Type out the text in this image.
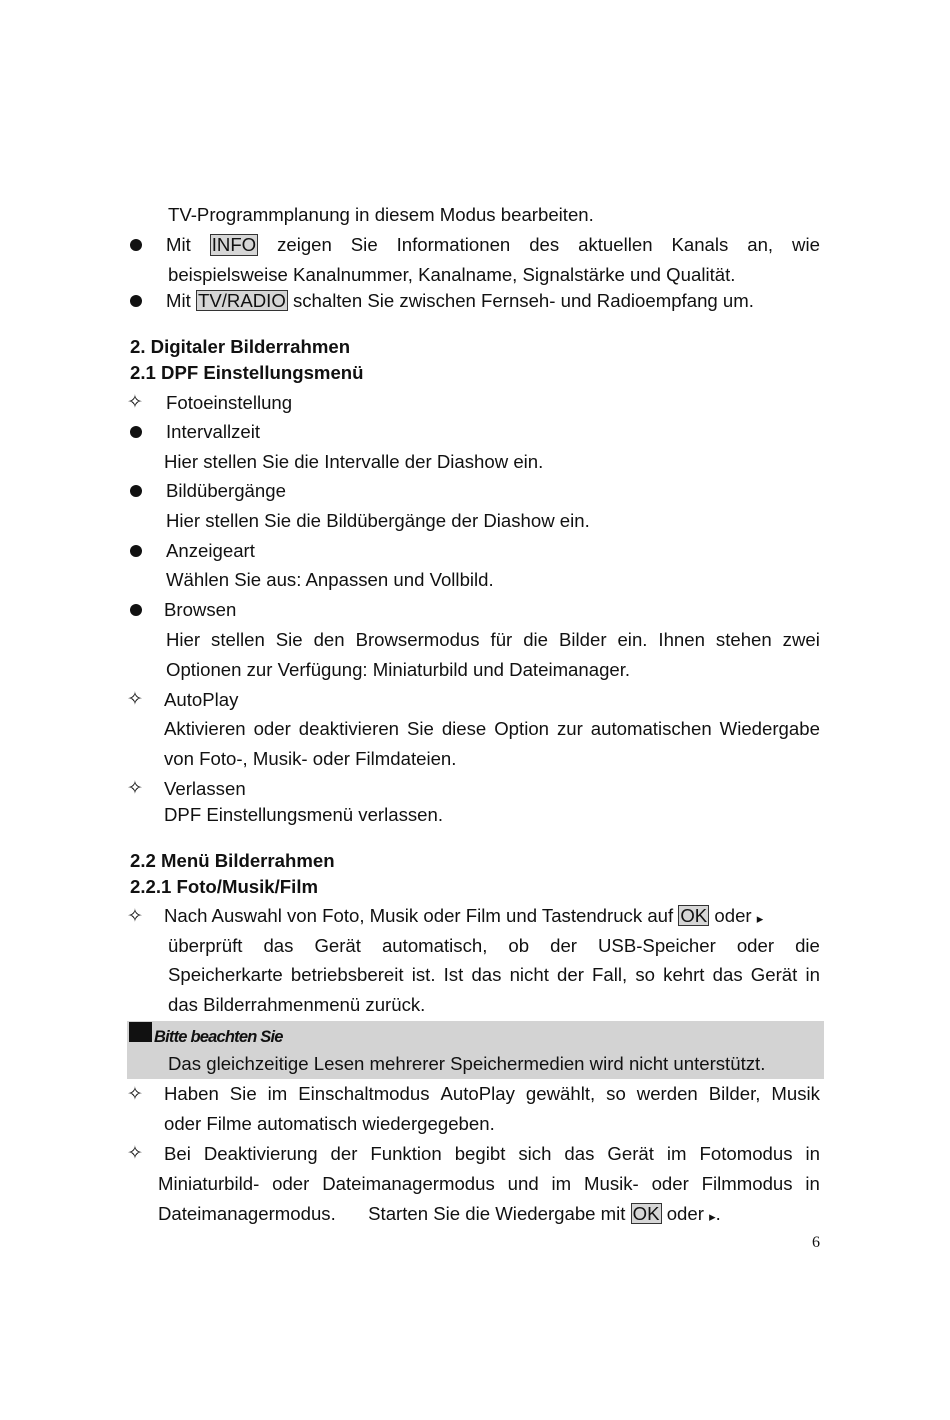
TV-Programmplanung in diesem Modus bearbeiten.
Mit INFO zeigen Sie Informationen des aktuellen Kanals an, wie
beispielsweise Kanalnummer, Kanalname, Signalstärke und Qualität.
Mit TV/RADIO schalten Sie zwischen Fernseh- und Radioempfang um.
2. Digitaler Bilderrahmen
2.1 DPF Einstellungsmenü
✧ Fotoeinstellung
Intervallzeit
Hier stellen Sie die Intervalle der Diashow ein.
Bildübergänge
Hier stellen Sie die Bildübergänge der Diashow ein.
Anzeigeart
Wählen Sie aus: Anpassen und Vollbild.
Browsen
Hier stellen Sie den Browsermodus für die Bilder ein. Ihnen stehen zwei
Optionen zur Verfügung: Miniaturbild und Dateimanager.
✧ AutoPlay
Aktivieren oder deaktivieren Sie diese Option zur automatischen Wiedergabe
von Foto-, Musik- oder Filmdateien.
✧ Verlassen
DPF Einstellungsmenü verlassen.
2.2 Menü Bilderrahmen
2.2.1 Foto/Musik/Film
✧ Nach Auswahl von Foto, Musik oder Film und Tastendruck auf OK oder ▸
überprüft das Gerät automatisch, ob der USB-Speicher oder die
Speicherkarte betriebsbereit ist. Ist das nicht der Fall, so kehrt das Gerät in
das Bilderrahmenmenü zurück.
Bitte beachten Sie
Das gleichzeitige Lesen mehrerer Speichermedien wird nicht unterstützt.
✧ Haben Sie im Einschaltmodus AutoPlay gewählt, so werden Bilder, Musik
oder Filme automatisch wiedergegeben.
✧ Bei Deaktivierung der Funktion begibt sich das Gerät im Fotomodus in
Miniaturbild- oder Dateimanagermodus und im Musik- oder Filmmodus in
Dateimanagermodus. Starten Sie die Wiedergabe mit OK oder ▸.
6
